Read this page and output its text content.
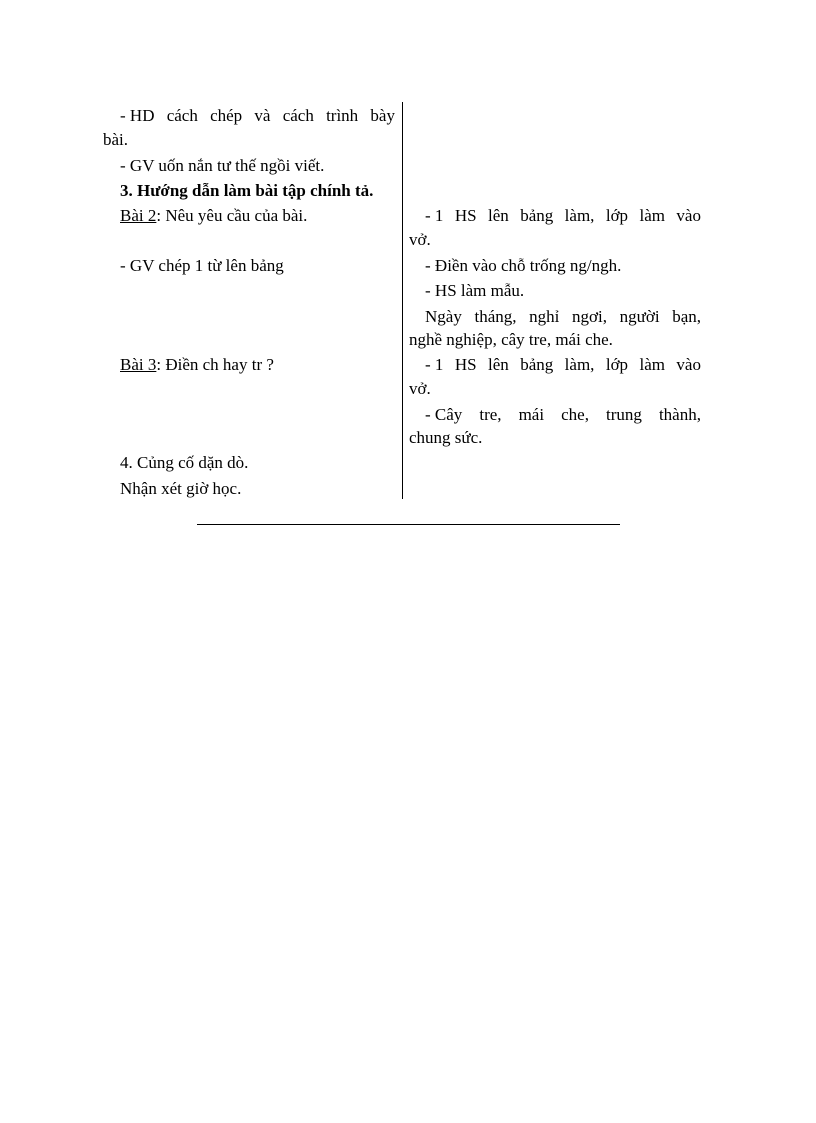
- HD cách chép và cách trình bày
bài.
- GV uốn nắn tư thế ngồi viết.
3. Hướng dẫn làm bài tập chính tả.
Bài 2: Nêu yêu cầu của bài.
- GV chép 1 từ lên bảng
Bài 3: Điền ch hay tr ?
4. Củng cố dặn dò.
Nhận xét giờ học.
- 1 HS lên bảng làm, lớp làm vào
vở.
- Điền vào chỗ trống ng/ngh.
- HS làm mẫu.
Ngày tháng, nghỉ ngơi, người bạn,
nghề nghiệp, cây tre, mái che.
- 1 HS lên bảng làm, lớp làm vào
vở.
- Cây tre, mái che, trung thành,
chung sức.
